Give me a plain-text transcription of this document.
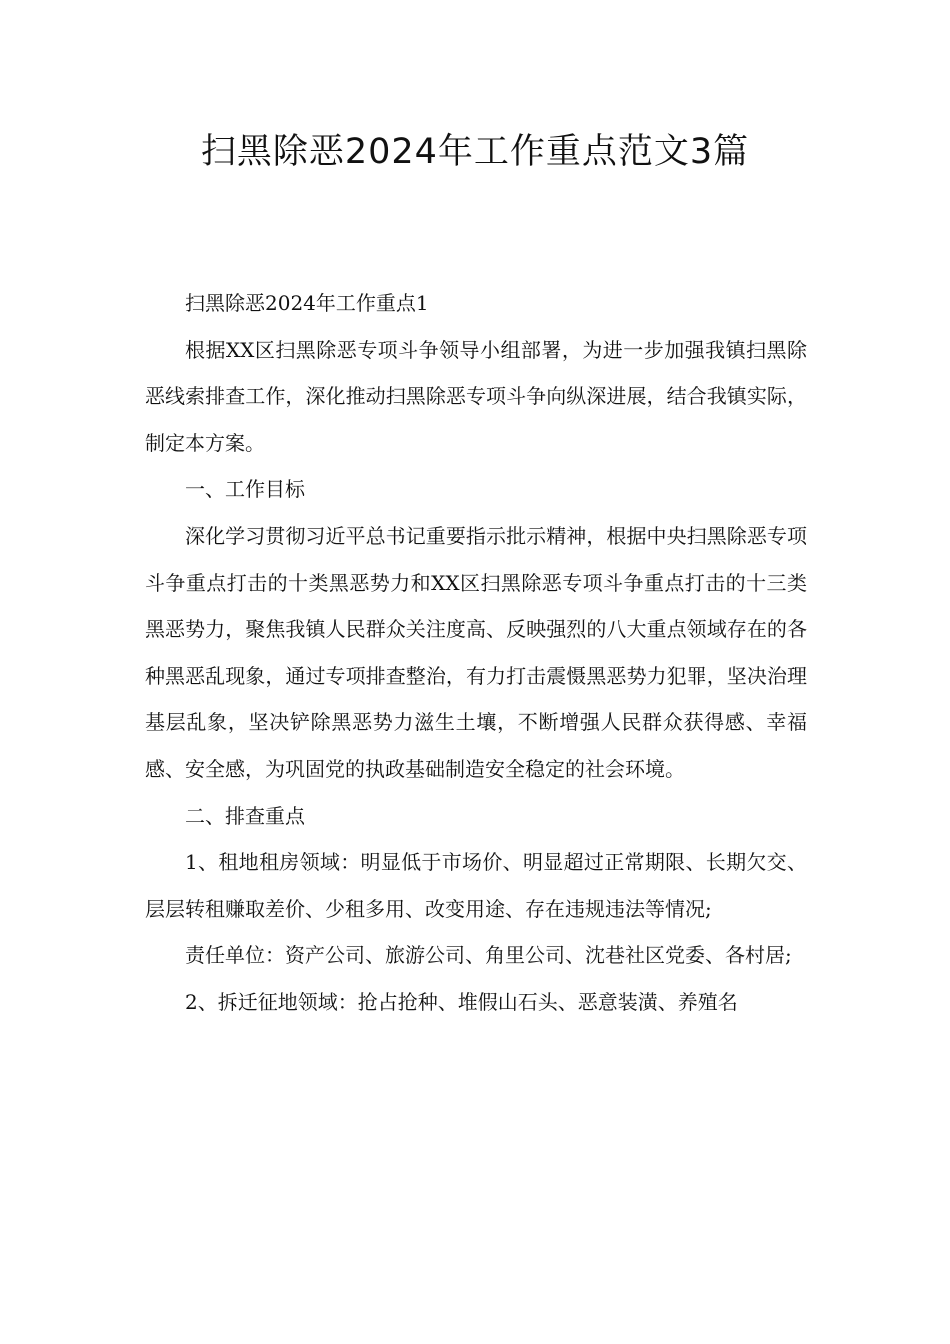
扫黑除恶2024年工作重点范文3篇

扫黑除恶2024年工作重点1

根据XX区扫黑除恶专项斗争领导小组部署，为进一步加强我镇扫黑除恶线索排查工作，深化推动扫黑除恶专项斗争向纵深进展，结合我镇实际，制定本方案。

一、工作目标

深化学习贯彻习近平总书记重要指示批示精神，根据中央扫黑除恶专项斗争重点打击的十类黑恶势力和XX区扫黑除恶专项斗争重点打击的十三类黑恶势力，聚焦我镇人民群众关注度高、反映强烈的八大重点领域存在的各种黑恶乱现象，通过专项排查整治，有力打击震慑黑恶势力犯罪，坚决治理基层乱象，坚决铲除黑恶势力滋生土壤，不断增强人民群众获得感、幸福感、安全感，为巩固党的执政基础制造安全稳定的社会环境。

二、排查重点

1、租地租房领域：明显低于市场价、明显超过正常期限、长期欠交、层层转租赚取差价、少租多用、改变用途、存在违规违法等情况;

责任单位：资产公司、旅游公司、角里公司、沈巷社区党委、各村居;

2、拆迁征地领域：抢占抢种、堆假山石头、恶意装潢、养殖名
